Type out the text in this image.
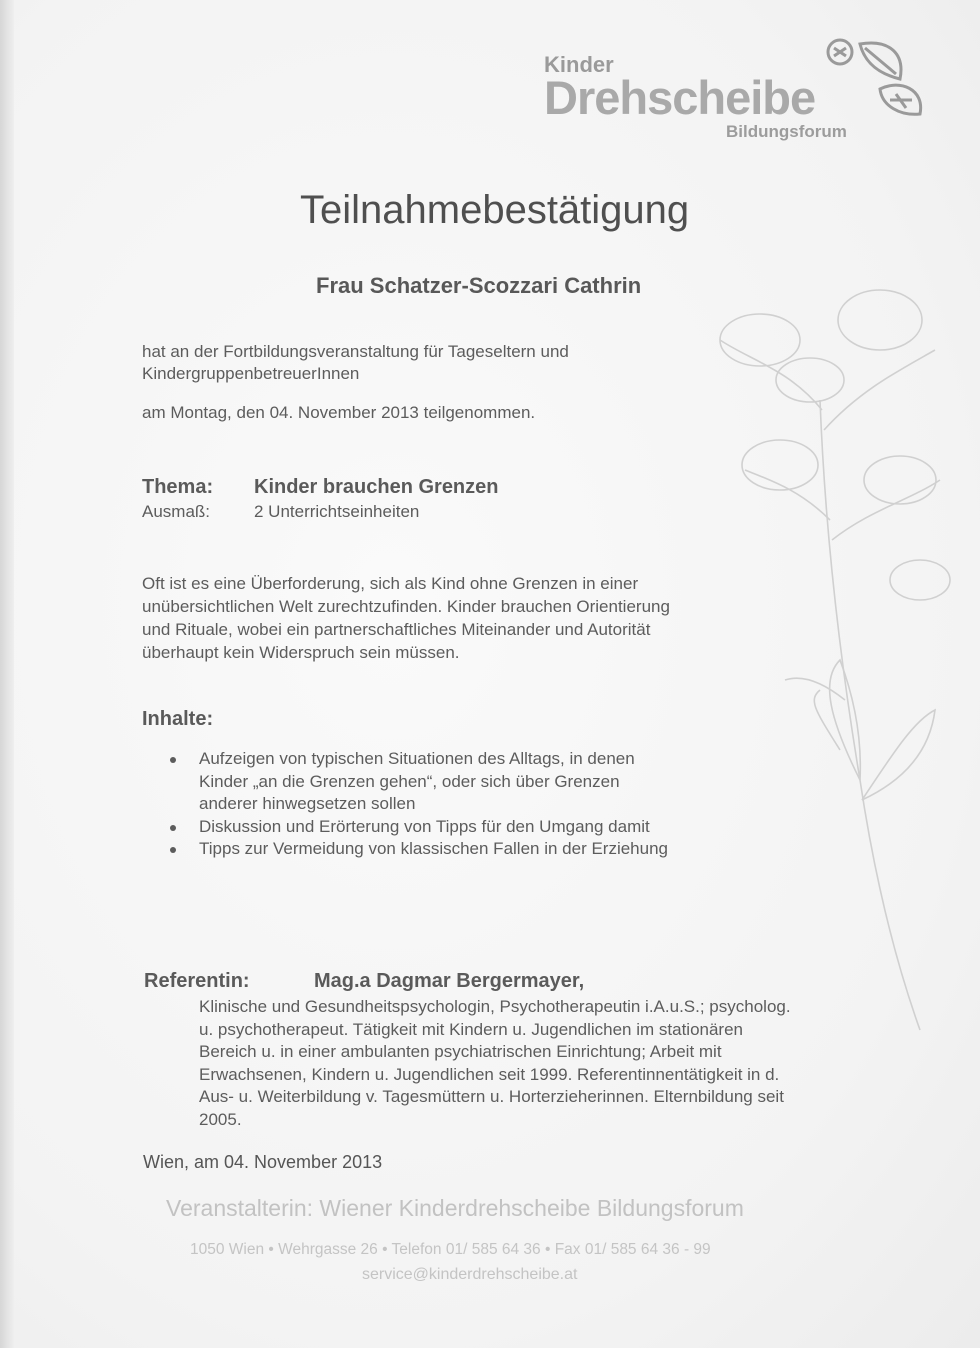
Kinder
Drehscheibe
Bildungsforum
Teilnahmebestätigung
Frau Schatzer-Scozzari Cathrin
hat an der Fortbildungsveranstaltung für Tageseltern und
KindergruppenbetreuerInnen
am Montag, den 04. November 2013 teilgenommen.
Thema: Kinder brauchen Grenzen
Ausmaß:	2 Unterrichtseinheiten
Oft ist es eine Überforderung, sich als Kind ohne Grenzen in einer
unübersichtlichen Welt zurechtzufinden. Kinder brauchen Orientierung
und Rituale, wobei ein partnerschaftliches Miteinander und Autorität
überhaupt kein Widerspruch sein müssen.
Inhalte:
Aufzeigen von typischen Situationen des Alltags, in denen
Kinder „an die Grenzen gehen“, oder sich über Grenzen
anderer hinwegsetzen sollen
Diskussion und Erörterung von Tipps für den Umgang damit
Tipps zur Vermeidung von klassischen Fallen in der Erziehung
Referentin:	Mag.a Dagmar Bergermayer,
Klinische und Gesundheitspsychologin, Psychotherapeutin i.A.u.S.; psycholog.
u. psychotherapeut. Tätigkeit mit Kindern u. Jugendlichen im stationären
Bereich u. in einer ambulanten psychiatrischen Einrichtung; Arbeit mit
Erwachsenen, Kindern u. Jugendlichen seit 1999. Referentinnentätigkeit in d.
Aus- u. Weiterbildung v. Tagesmüttern u. Horterzieherinnen. Elternbildung seit
2005.
Wien, am 04. November 2013
Veranstalterin: Wiener Kinderdrehscheibe Bildungsforum
1050 Wien • Wehrgasse 26 • Telefon 01/ 585 64 36 • Fax 01/ 585 64 36 - 99
service@kinderdrehscheibe.at
